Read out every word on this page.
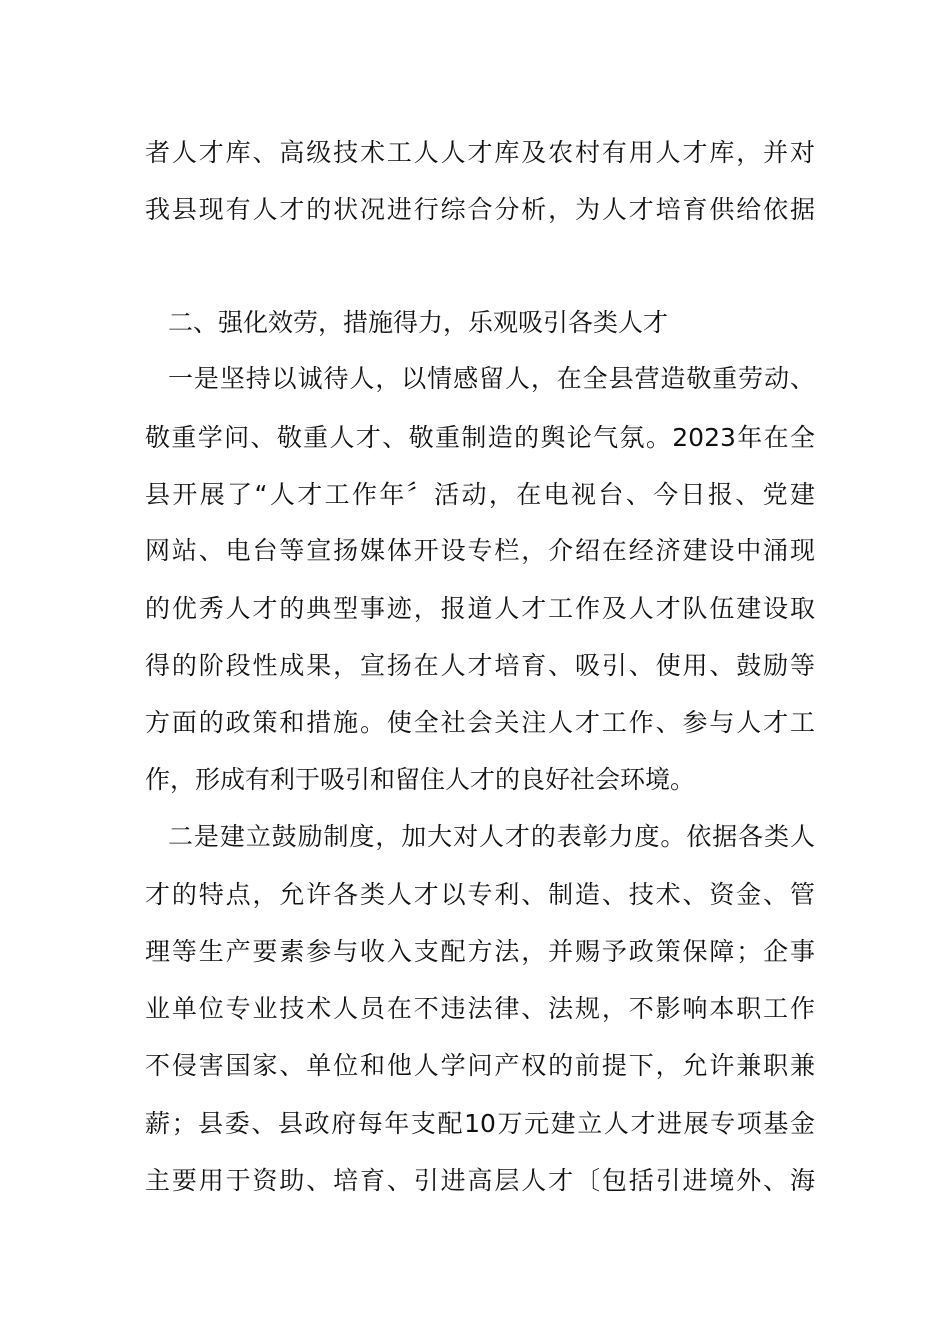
者人才库、高级技术工人人才库及农村有用人才库，并对
我县现有人才的状况进行综合分析，为人才培育供给依据
二、强化效劳，措施得力，乐观吸引各类人才
一是坚持以诚待人，以情感留人，在全县营造敬重劳动、
敬重学问、敬重人才、敬重制造的舆论气氛。2023年在全
县开展了“人才工作年〞活动，在电视台、今日报、党建
网站、电台等宣扬媒体开设专栏，介绍在经济建设中涌现
的优秀人才的典型事迹，报道人才工作及人才队伍建设取
得的阶段性成果，宣扬在人才培育、吸引、使用、鼓励等
方面的政策和措施。使全社会关注人才工作、参与人才工
作，形成有利于吸引和留住人才的良好社会环境。
二是建立鼓励制度，加大对人才的表彰力度。依据各类人
才的特点，允许各类人才以专利、制造、技术、资金、管
理等生产要素参与收入支配方法，并赐予政策保障；企事
业单位专业技术人员在不违法律、法规，不影响本职工作
不侵害国家、单位和他人学问产权的前提下，允许兼职兼
薪；县委、县政府每年支配10万元建立人才进展专项基金
主要用于资助、培育、引进高层人才〔包括引进境外、海
